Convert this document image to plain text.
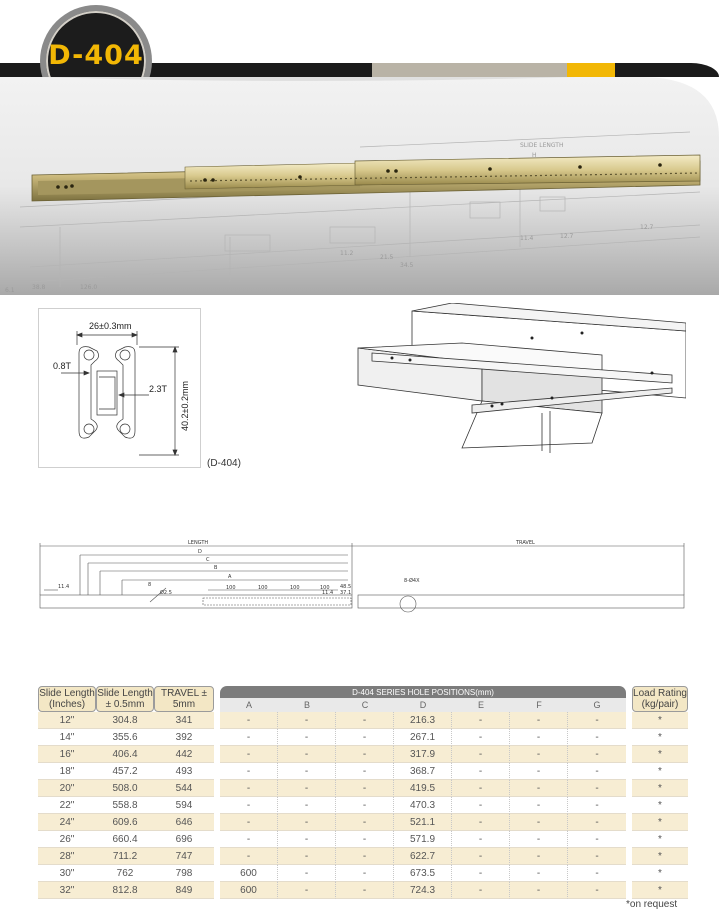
D-404
SLIDE LENGTH
H
12.7
12.7
11.4
11.2
21.5
34.5
6.1	38.8	126.0
26±0.3mm
0.8T
2.3T 40.2±0.2mm
(D-404)
LENGTH	TRAVEL
D
C
B
A
100	100	100	100
11.4	48.5
11.4 37.1
8
Ø2.5
8-Ø4X
Slide Length (Inches)	Slide Length ± 0.5mm	TRAVEL ± 5mm		D-404 SERIES HOLE POSITIONS(mm)								Load Rating (kg/pair)
				A	B	C	D	E	F	G		
12"	304.8	341		-	-	-	216.3	-	-	-		*
14"	355.6	392		-	-	-	267.1	-	-	-		*
16"	406.4	442		-	-	-	317.9	-	-	-		*
18"	457.2	493		-	-	-	368.7	-	-	-		*
20"	508.0	544		-	-	-	419.5	-	-	-		*
22"	558.8	594		-	-	-	470.3	-	-	-		*
24"	609.6	646		-	-	-	521.1	-	-	-		*
26"	660.4	696		-	-	-	571.9	-	-	-		*
28"	711.2	747		-	-	-	622.7	-	-	-		*
30"	762	798		600	-	-	673.5	-	-	-		*
32"	812.8	849		600	-	-	724.3	-	-	-		*
*on request
